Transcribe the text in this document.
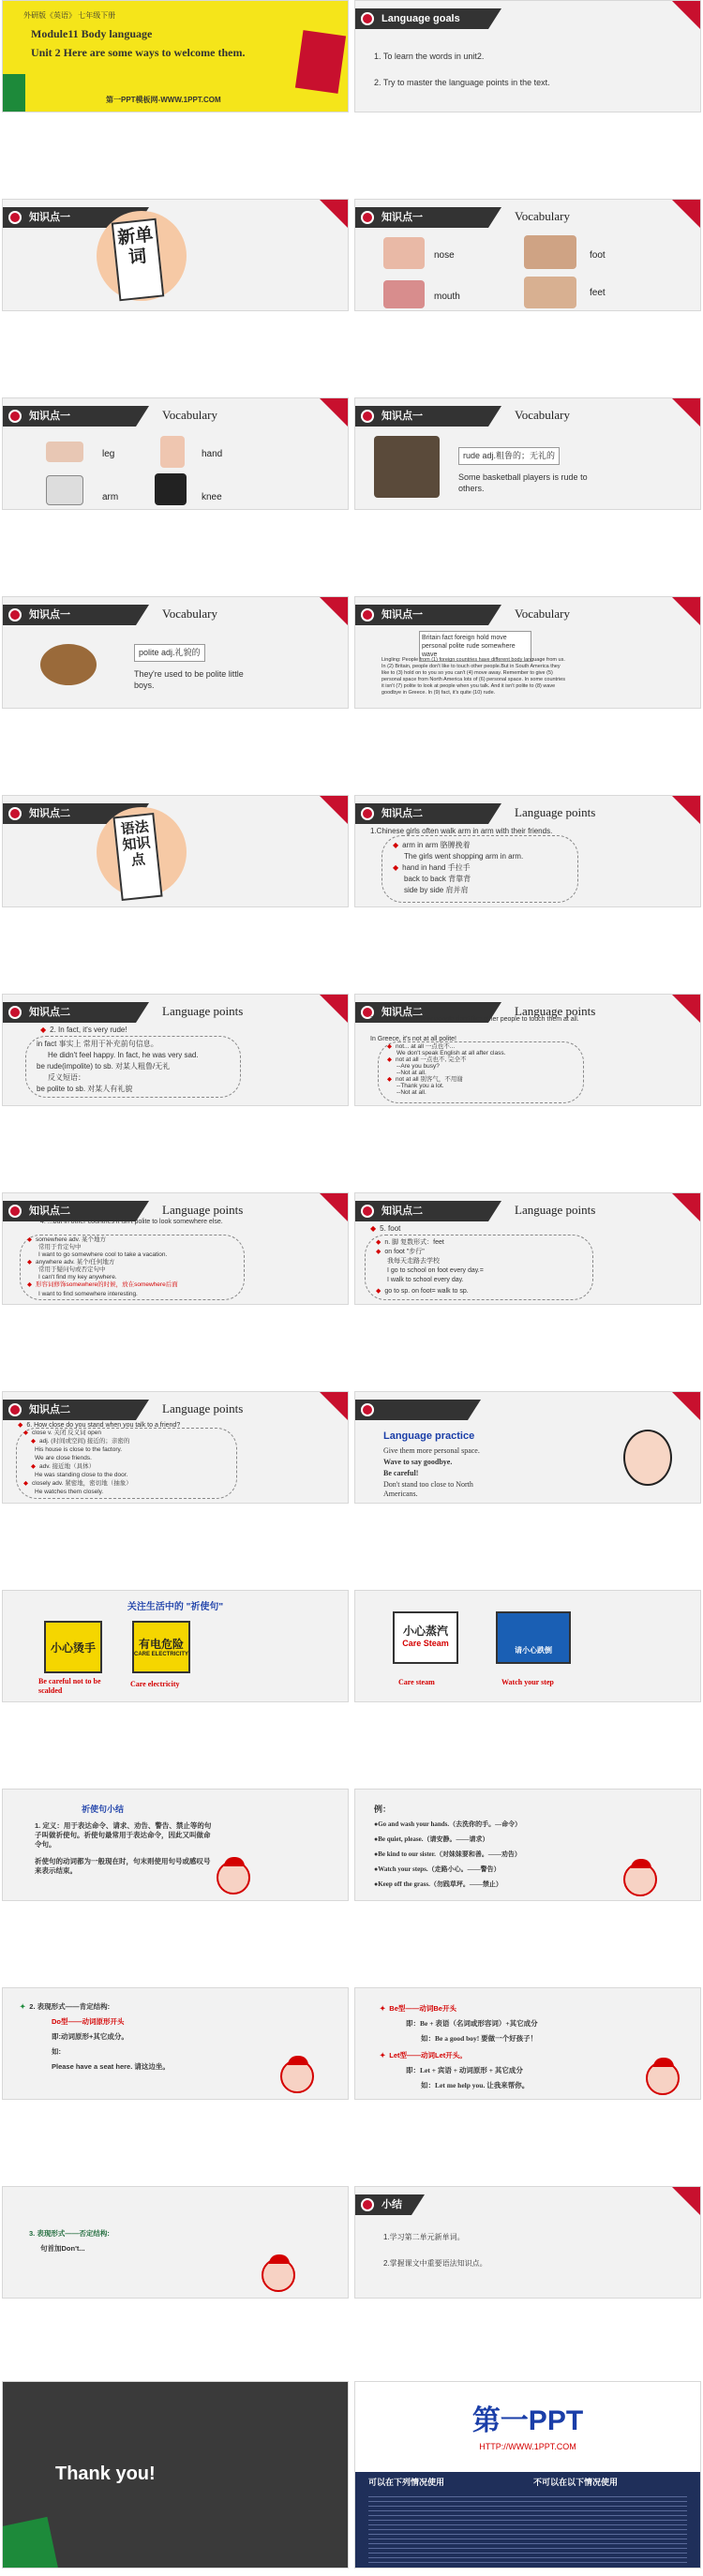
外研版《英语》 七年级下册
Module11 Body language
Unit 2 Here are some ways to welcome them.
第一PPT模板网-WWW.1PPT.COM
Language goals
1. To learn the words in unit2.
2. Try to master the language points in the text.
知识点一
新单词
知识点一	Vocabulary
nose	foot
mouth	feet
知识点一	Vocabulary
leg	hand
arm	knee
知识点一	Vocabulary
rude adj.粗鲁的；无礼的
Some basketball players is rude to others.
知识点一	Vocabulary
polite adj.礼貌的
They're used to be polite little boys.
知识点一	Vocabulary
Britain fact foreign hold move personal polite rude somewhere wave
Lingling: People from (1) foreign countries have different body language from us. In (2) Britain, people don't like to touch other people.But in South America they like to (3) hold on to you so you can't (4) move away. Remember to give (5) personal space from North America lots of (6) personal space. In some countries it isn't (7) polite to look at people when you talk. And it isn't polite to (8) wave goodbye in Greece. In (9) fact, it's quite (10) rude.
知识点二
语法知识点
知识点二	Language points
1.Chinese girls often walk arm in arm with their friends.
◆ arm in arm 胳膊挽着
The girls went shopping arm in arm.
◆ hand in hand 手拉手
back to back 背靠背
side by side 肩并肩
知识点二	Language points
◆ 2. In fact, it's very rude!
in fact 事实上 常用于补充前句信息。
He didn't feel happy. In fact, he was very sad.
be rude(impolite) to sb. 对某人粗鲁/无礼
反义短语：
be polite to sb. 对某人有礼貌
知识点二	Language points
3. But in Britain many people don't like other people to touch them at all.
In Greece, it's not at all polite!
◆ not... at all 一点也不...
We don't speak English at all after class.
◆ not at all 一点也不, 完全不
--Are you busy?
--Not at all.
◆ not at all 别客气，不用谢
--Thank you a lot.
--Not at all.
知识点二	Language points
4. ...but in other countries it isn't polite to look somewhere else.
◆ somewhere adv. 某个地方
常用于肯定句中
I want to go somewhere cool to take a vacation.
◆ anywhere adv. 某个/任何地方
常用于疑问句或否定句中
I can't find my key anywhere.
◆ 形容词修饰somewhere的时候，放在somewhere后面
I want to find somewhere interesting.
知识点二	Language points
◆ 5. foot
◆ n. 脚 复数形式：feet
◆ on foot "步行"
我每天走路去学校
I go to school on foot every day.=
I walk to school every day.
◆ go to sp. on foot= walk to sp.
知识点二	Language points
◆ 6. How close do you stand when you talk to a friend?
◆ close v. 关闭 反义词 open
◆ adj. (时间或空间) 接近的；亲密的
His house is close to the factory.
We are close friends.
◆ adv. 接近地（具体）
He was standing close to the door.
◆ closely adv. 紧密地，密切地（抽象）
He watches them closely.
Language practice
Give them more personal space.
Wave to say goodbye.
Be careful!
Don't stand too close to North Americans.
关注生活中的 "祈使句"
小心烫手	有电危险
CARE ELECTRICITY
Be careful not to be scalded
Care electricity
小心蒸汽
Care Steam
请小心跌倒
Care steam	Watch your step
祈使句小结
1. 定义：用于表达命令、请求、劝告、警告、禁止等的句子叫做祈使句。祈使句最常用于表达命令，因此又叫做命令句。
祈使句的动词都为一般现在时，句末则使用句号或感叹号来表示结束。
例：
●Go and wash your hands.（去洗你的手。—命令）
●Be quiet, please.（请安静。——请求）
●Be kind to our sister.（对妹妹要和善。——劝告）
●Watch your steps.（走路小心。——警告）
●Keep off the grass.（勿践草坪。——禁止）
✦ 2. 表现形式——肯定结构:
Do型——动词原形开头
即:动词原形+其它成分。
如:
Please have a seat here. 请这边坐。
✦ Be型——动词Be开头
即：Be + 表语（名词或形容词）+其它成分
如：Be a good boy! 要做一个好孩子！
✦ Let型——动词Let开头。
即：Let + 宾语 + 动词原形 + 其它成分
如：Let me help you. 让我来帮你。
3. 表现形式——否定结构:
句首加Don't...
小结
1.学习第二单元新单词。
2.掌握课文中重要语法知识点。
Thank you!
第一PPT
HTTP://WWW.1PPT.COM
可以在下列情况使用	不可以在以下情况使用
